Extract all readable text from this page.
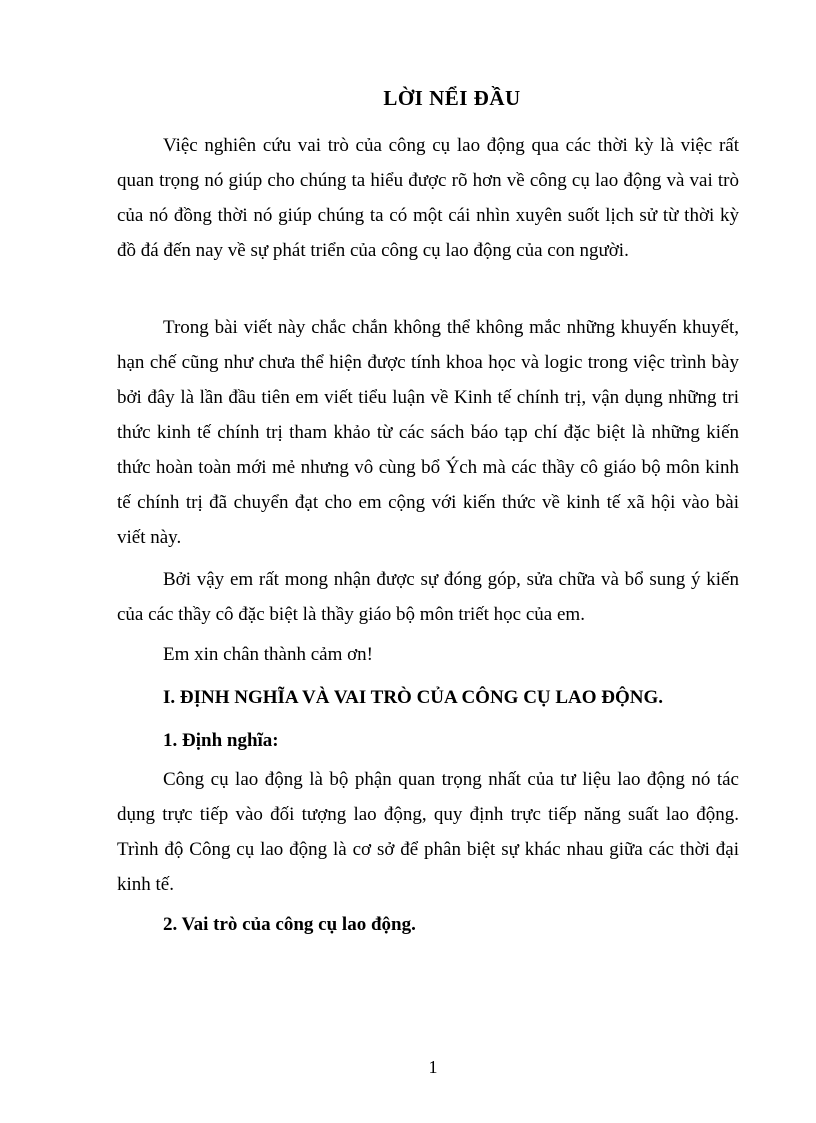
LỜI NỂI ĐẦU
Việc nghiên cứu vai trò của công cụ lao động qua các thời kỳ là việc rất quan trọng nó giúp cho chúng ta hiểu được rõ hơn về công cụ lao động và vai trò của nó đồng thời nó giúp chúng ta có một cái nhìn xuyên suốt lịch sử từ thời kỳ đồ đá đến nay về sự phát triển của công cụ lao động của con người.
Trong bài viết này chắc chắn không thể không mắc những khuyến khuyết, hạn chế cũng như chưa thể hiện được tính khoa học và logic trong việc trình bày bởi đây là lần đầu tiên em viết tiểu luận về Kinh tế chính trị, vận dụng những tri thức kinh tế chính trị tham khảo từ các sách báo tạp chí đặc biệt là những kiến thức hoàn toàn mới mẻ nhưng vô cùng bổ Ých mà các thầy cô giáo bộ môn kinh tế chính trị đã chuyển đạt cho em cộng với kiến thức về kinh tế xã hội vào bài viết này.
Bởi vậy em rất mong nhận được sự đóng góp, sửa chữa và bổ sung ý kiến của các thầy cô đặc biệt là thầy giáo bộ môn triết học của em.
Em xin chân thành cảm ơn!
I. ĐỊNH NGHĨA VÀ VAI TRÒ CỦA CÔNG CỤ LAO ĐỘNG.
1. Định nghĩa:
Công cụ lao động là bộ phận quan trọng nhất của tư liệu lao động nó tác dụng trực tiếp vào đối tượng lao động, quy định trực tiếp năng suất lao động. Trình độ Công cụ lao động là cơ sở để phân biệt sự khác nhau giữa các thời đại kinh tế.
2. Vai trò của công cụ lao động.
1
